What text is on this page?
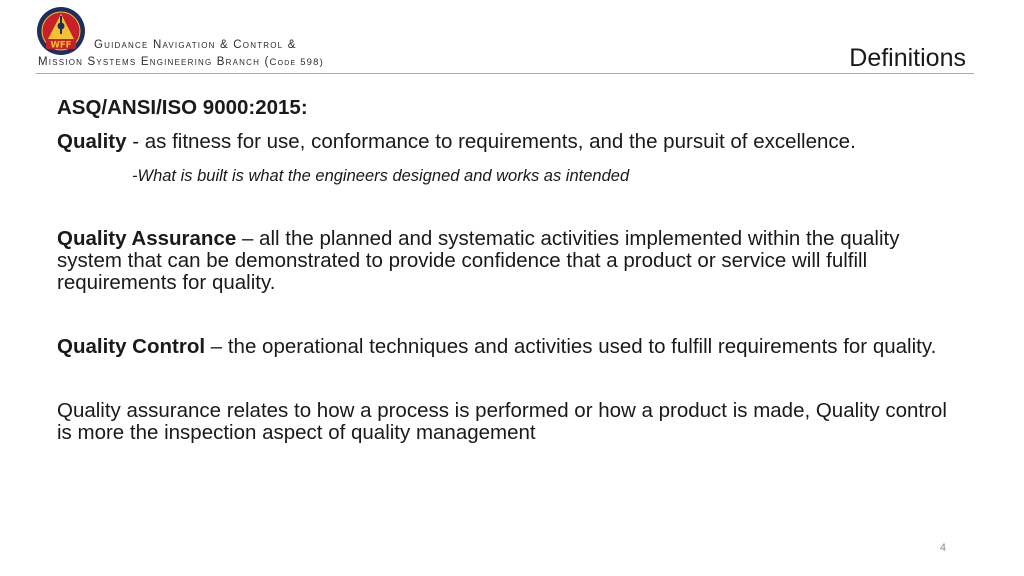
WFF Guidance Navigation & Control &
Mission Systems Engineering Branch (Code 598)	Definitions

ASQ/ANSI/ISO 9000:2015:

Quality - as fitness for use, conformance to requirements, and the pursuit of excellence.

-What is built is what the engineers designed and works as intended

Quality Assurance – all the planned and systematic activities implemented within the quality system that can be demonstrated to provide confidence that a product or service will fulfill requirements for quality.

Quality Control – the operational techniques and activities used to fulfill requirements for quality.

Quality assurance relates to how a process is performed or how a product is made, Quality control is more the inspection aspect of quality management

4
